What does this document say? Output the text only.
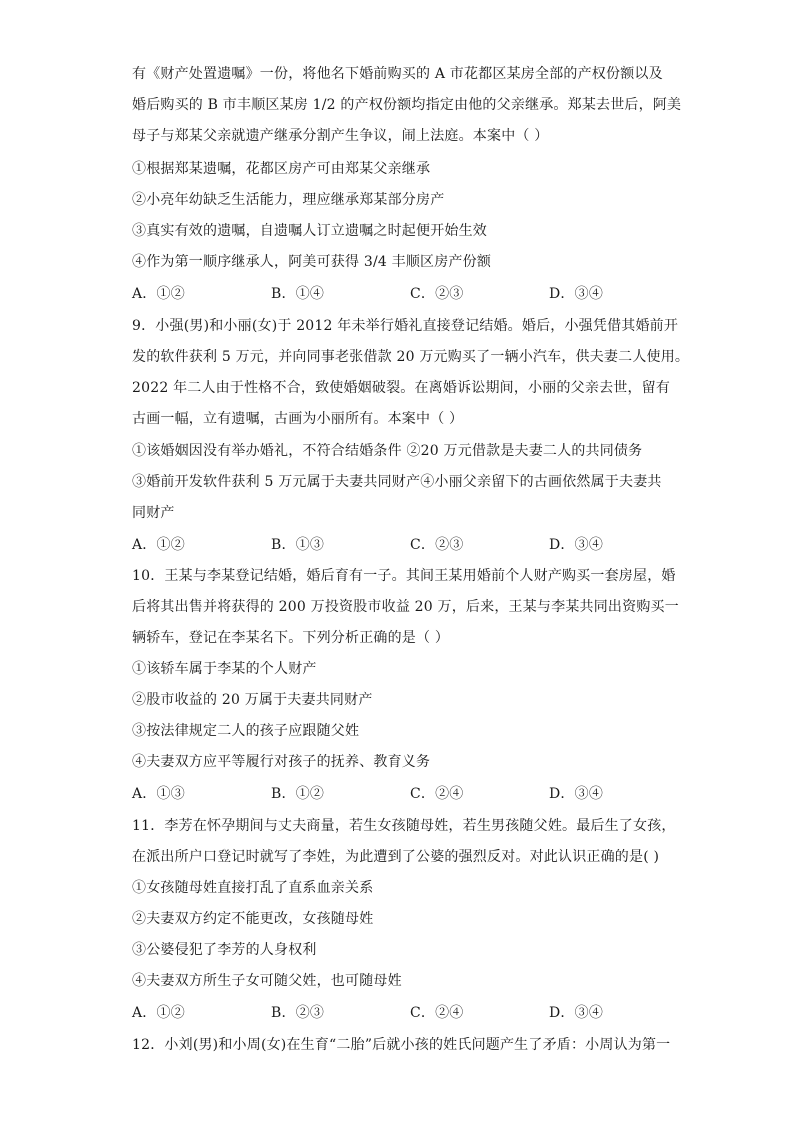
有《财产处置遗嘱》一份，将他名下婚前购买的 A 市花都区某房全部的产权份额以及
婚后购买的 B 市丰顺区某房 1/2 的产权份额均指定由他的父亲继承。郑某去世后，阿美
母子与郑某父亲就遗产继承分割产生争议，闹上法庭。本案中（ ）
①根据郑某遗嘱，花都区房产可由郑某父亲继承
②小亮年幼缺乏生活能力，理应继承郑某部分房产
③真实有效的遗嘱，自遗嘱人订立遗嘱之时起便开始生效
④作为第一顺序继承人，阿美可获得 3/4 丰顺区房产份额
A．①②	B．①④	C．②③	D．③④
9．小强(男)和小丽(女)于 2012 年未举行婚礼直接登记结婚。婚后，小强凭借其婚前开
发的软件获利 5 万元，并向同事老张借款 20 万元购买了一辆小汽车，供夫妻二人使用。
2022 年二人由于性格不合，致使婚姻破裂。在离婚诉讼期间，小丽的父亲去世，留有
古画一幅，立有遗嘱，古画为小丽所有。本案中（ ）
①该婚姻因没有举办婚礼，不符合结婚条件 ②20 万元借款是夫妻二人的共同债务
③婚前开发软件获利 5 万元属于夫妻共同财产④小丽父亲留下的古画依然属于夫妻共
同财产
A．①②	B．①③	C．②③	D．③④
10．王某与李某登记结婚，婚后育有一子。其间王某用婚前个人财产购买一套房屋，婚
后将其出售并将获得的 200 万投资股市收益 20 万，后来，王某与李某共同出资购买一
辆轿车，登记在李某名下。下列分析正确的是（ ）
①该轿车属于李某的个人财产
②股市收益的 20 万属于夫妻共同财产
③按法律规定二人的孩子应跟随父姓
④夫妻双方应平等履行对孩子的抚养、教育义务
A．①③	B．①②	C．②④	D．③④
11．李芳在怀孕期间与丈夫商量，若生女孩随母姓，若生男孩随父姓。最后生了女孩，
在派出所户口登记时就写了李姓，为此遭到了公婆的强烈反对。对此认识正确的是( )
①女孩随母姓直接打乱了直系血亲关系
②夫妻双方约定不能更改，女孩随母姓
③公婆侵犯了李芳的人身权利
④夫妻双方所生子女可随父姓，也可随母姓
A．①②	B．②③	C．②④	D．③④
12．小刘(男)和小周(女)在生育“二胎”后就小孩的姓氏问题产生了矛盾：小周认为第一
